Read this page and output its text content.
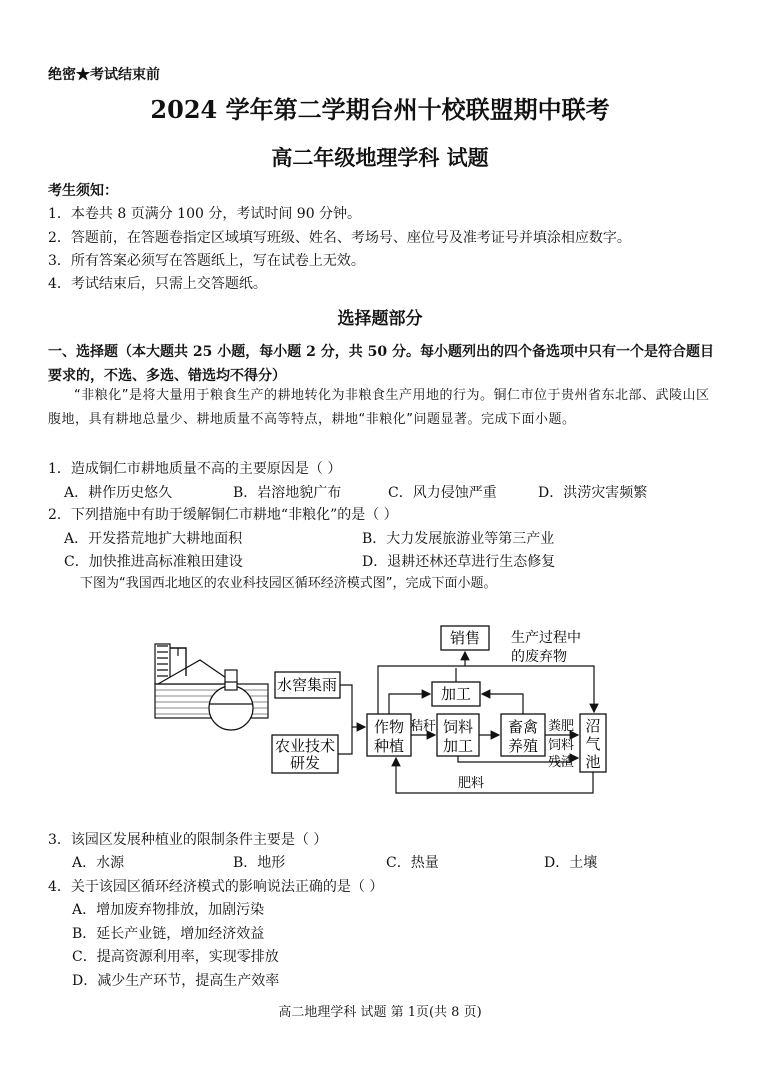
绝密★考试结束前
2024 学年第二学期台州十校联盟期中联考
高二年级地理学科 试题
考生须知：
1．本卷共 8 页满分 100 分，考试时间 90 分钟。
2．答题前，在答题卷指定区域填写班级、姓名、考场号、座位号及准考证号并填涂相应数字。
3．所有答案必须写在答题纸上，写在试卷上无效。
4．考试结束后，只需上交答题纸。
选择题部分
一、选择题（本大题共 25 小题，每小题 2 分，共 50 分。每小题列出的四个备选项中只有一个是符合题目要求的，不选、多选、错选均不得分）
“非粮化”是将大量用于粮食生产的耕地转化为非粮食生产用地的行为。铜仁市位于贵州省东北部、武陵山区腹地，具有耕地总量少、耕地质量不高等特点，耕地“非粮化”问题显著。完成下面小题。
1．造成铜仁市耕地质量不高的主要原因是（ ）
A．耕作历史悠久	B．岩溶地貌广布	C．风力侵蚀严重	D．洪涝灾害频繁
2．下列措施中有助于缓解铜仁市耕地“非粮化”的是（ ）
A．开发搭荒地扩大耕地面积	B．大力发展旅游业等第三产业
C．加快推进高标准粮田建设	D．退耕还林还草进行生态修复
下图为“我国西北地区的农业科技园区循环经济模式图”，完成下面小题。
销售 生产过程中
的废弃物
水窖集雨	加工
作物
种植
秸秆 饲料
加工
畜禽
养殖
粪肥
饲料
残渣
沼
气
池
农业技术
研发
肥料
3．该园区发展种植业的限制条件主要是（ ）
A．水源	B．地形	C．热量	D．土壤
4．关于该园区循环经济模式的影响说法正确的是（ ）
A．增加废弃物排放，加剧污染
B．延长产业链，增加经济效益
C．提高资源利用率，实现零排放
D．减少生产环节，提高生产效率
高二地理学科 试题 第 1页(共 8 页)
